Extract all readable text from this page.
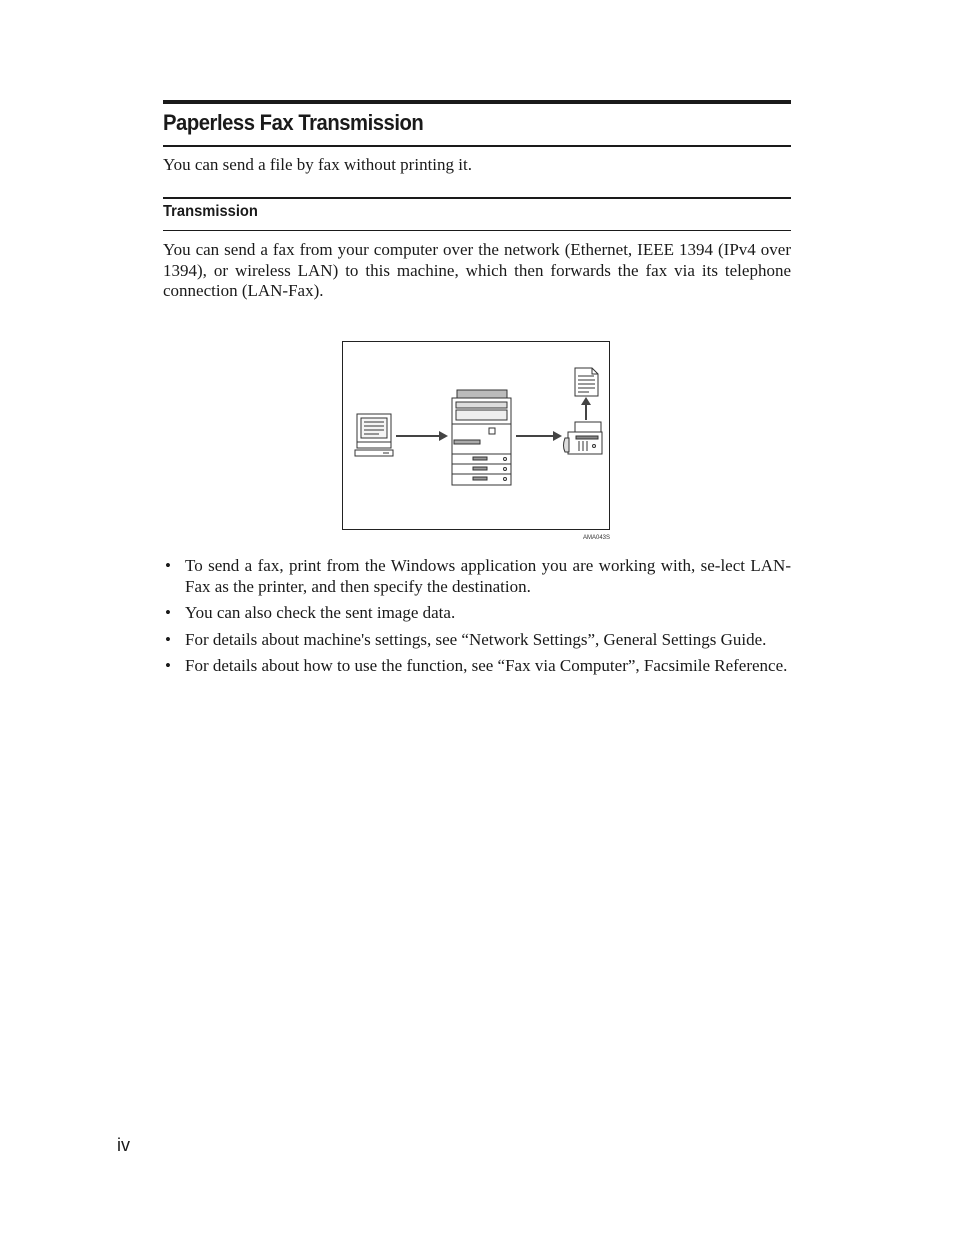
Paperless Fax Transmission
You can send a file by fax without printing it.
Transmission
You can send a fax from your computer over the network (Ethernet, IEEE 1394 (IPv4 over 1394), or wireless LAN) to this machine, which then forwards the fax via its telephone connection (LAN-Fax).
AMA043S
• To send a fax, print from the Windows application you are working with, se-lect LAN-Fax as the printer, and then specify the destination.
• You can also check the sent image data.
• For details about machine's settings, see “Network Settings”, General Settings Guide.
• For details about how to use the function, see “Fax via Computer”, Facsimile Reference.
iv
